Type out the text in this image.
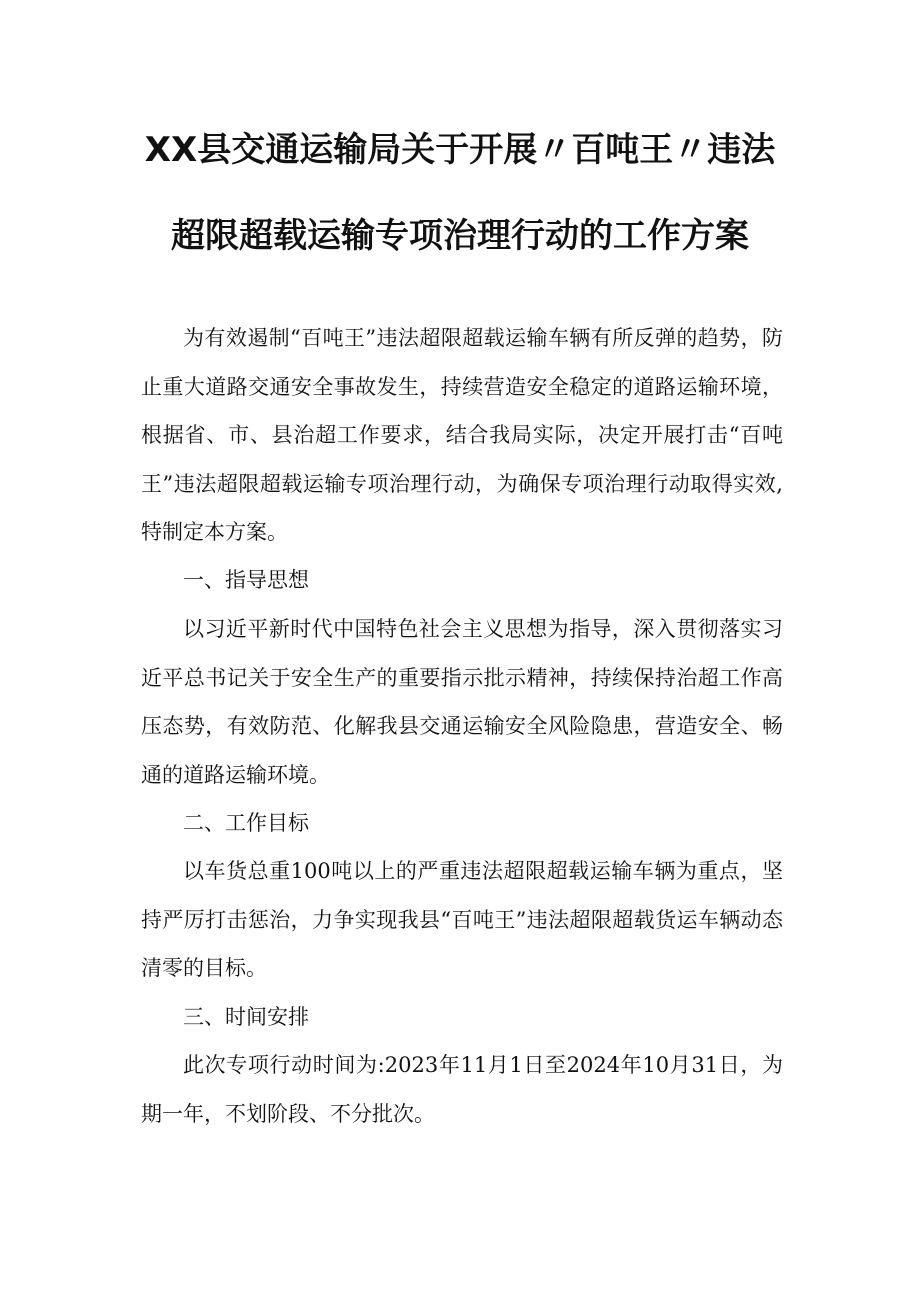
XX县交通运输局关于开展〃百吨王〃违法
超限超载运输专项治理行动的工作方案

为有效遏制“百吨王”违法超限超载运输车辆有所反弹的趋势，防止重大道路交通安全事故发生，持续营造安全稳定的道路运输环境，根据省、市、县治超工作要求，结合我局实际，决定开展打击“百吨王”违法超限超载运输专项治理行动，为确保专项治理行动取得实效,特制定本方案。

一、指导思想

以习近平新时代中国特色社会主义思想为指导，深入贯彻落实习近平总书记关于安全生产的重要指示批示精神，持续保持治超工作高压态势，有效防范、化解我县交通运输安全风险隐患，营造安全、畅通的道路运输环境。

二、工作目标

以车货总重100吨以上的严重违法超限超载运输车辆为重点，坚持严厉打击惩治，力争实现我县“百吨王”违法超限超载货运车辆动态清零的目标。

三、时间安排

此次专项行动时间为:2023年11月1日至2024年10月31日，为期一年，不划阶段、不分批次。
